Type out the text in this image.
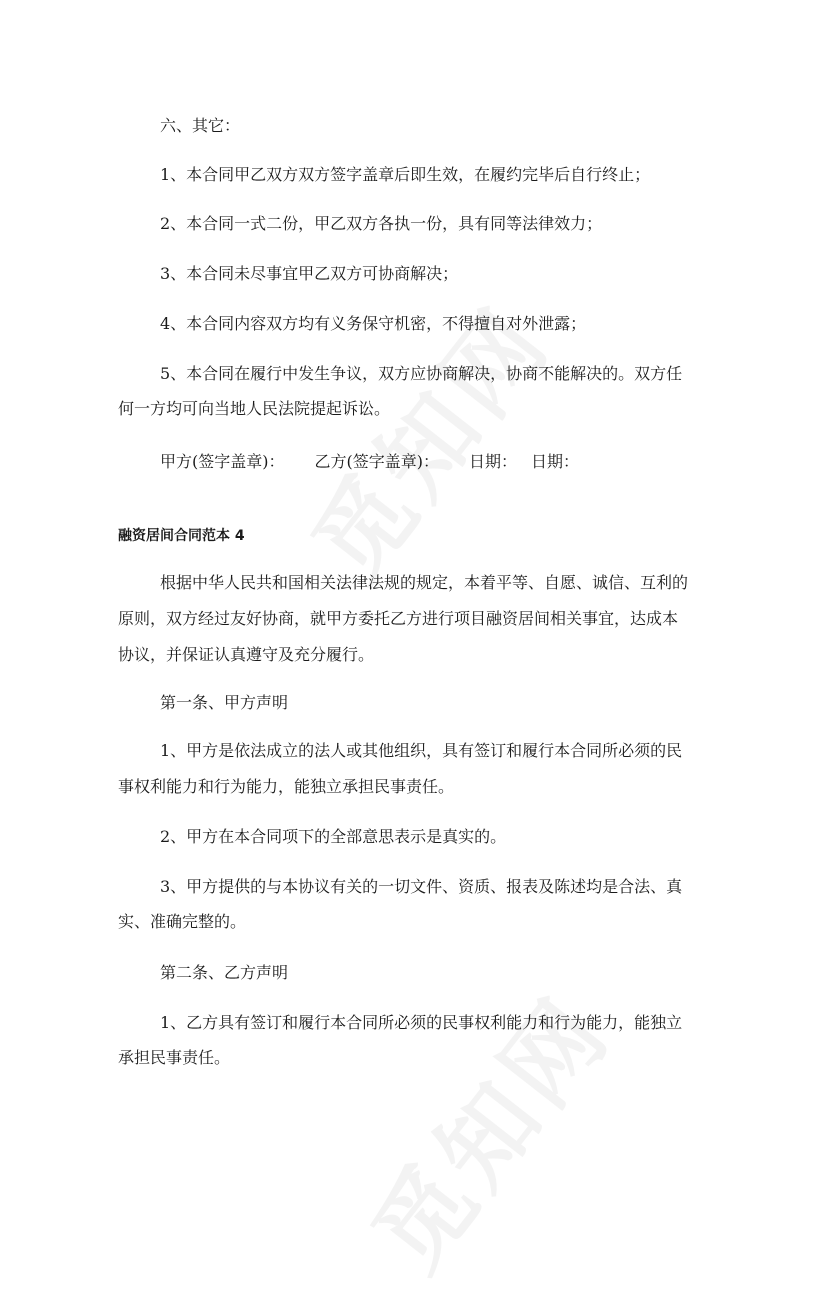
六、其它：
1、本合同甲乙双方双方签字盖章后即生效，在履约完毕后自行终止；
2、本合同一式二份，甲乙双方各执一份，具有同等法律效力；
3、本合同未尽事宜甲乙双方可协商解决；
4、本合同内容双方均有义务保守机密，不得擅自对外泄露；
5、本合同在履行中发生争议，双方应协商解决，协商不能解决的。双方任
何一方均可向当地人民法院提起诉讼。
甲方(签字盖章)： 乙方(签字盖章)： 日期： 日期：
融资居间合同范本 4
根据中华人民共和国相关法律法规的规定，本着平等、自愿、诚信、互利的
原则，双方经过友好协商，就甲方委托乙方进行项目融资居间相关事宜，达成本
协议，并保证认真遵守及充分履行。
第一条、甲方声明
1、甲方是依法成立的法人或其他组织，具有签订和履行本合同所必须的民
事权利能力和行为能力，能独立承担民事责任。
2、甲方在本合同项下的全部意思表示是真实的。
3、甲方提供的与本协议有关的一切文件、资质、报表及陈述均是合法、真
实、准确完整的。
第二条、乙方声明
1、乙方具有签订和履行本合同所必须的民事权利能力和行为能力，能独立
承担民事责任。
